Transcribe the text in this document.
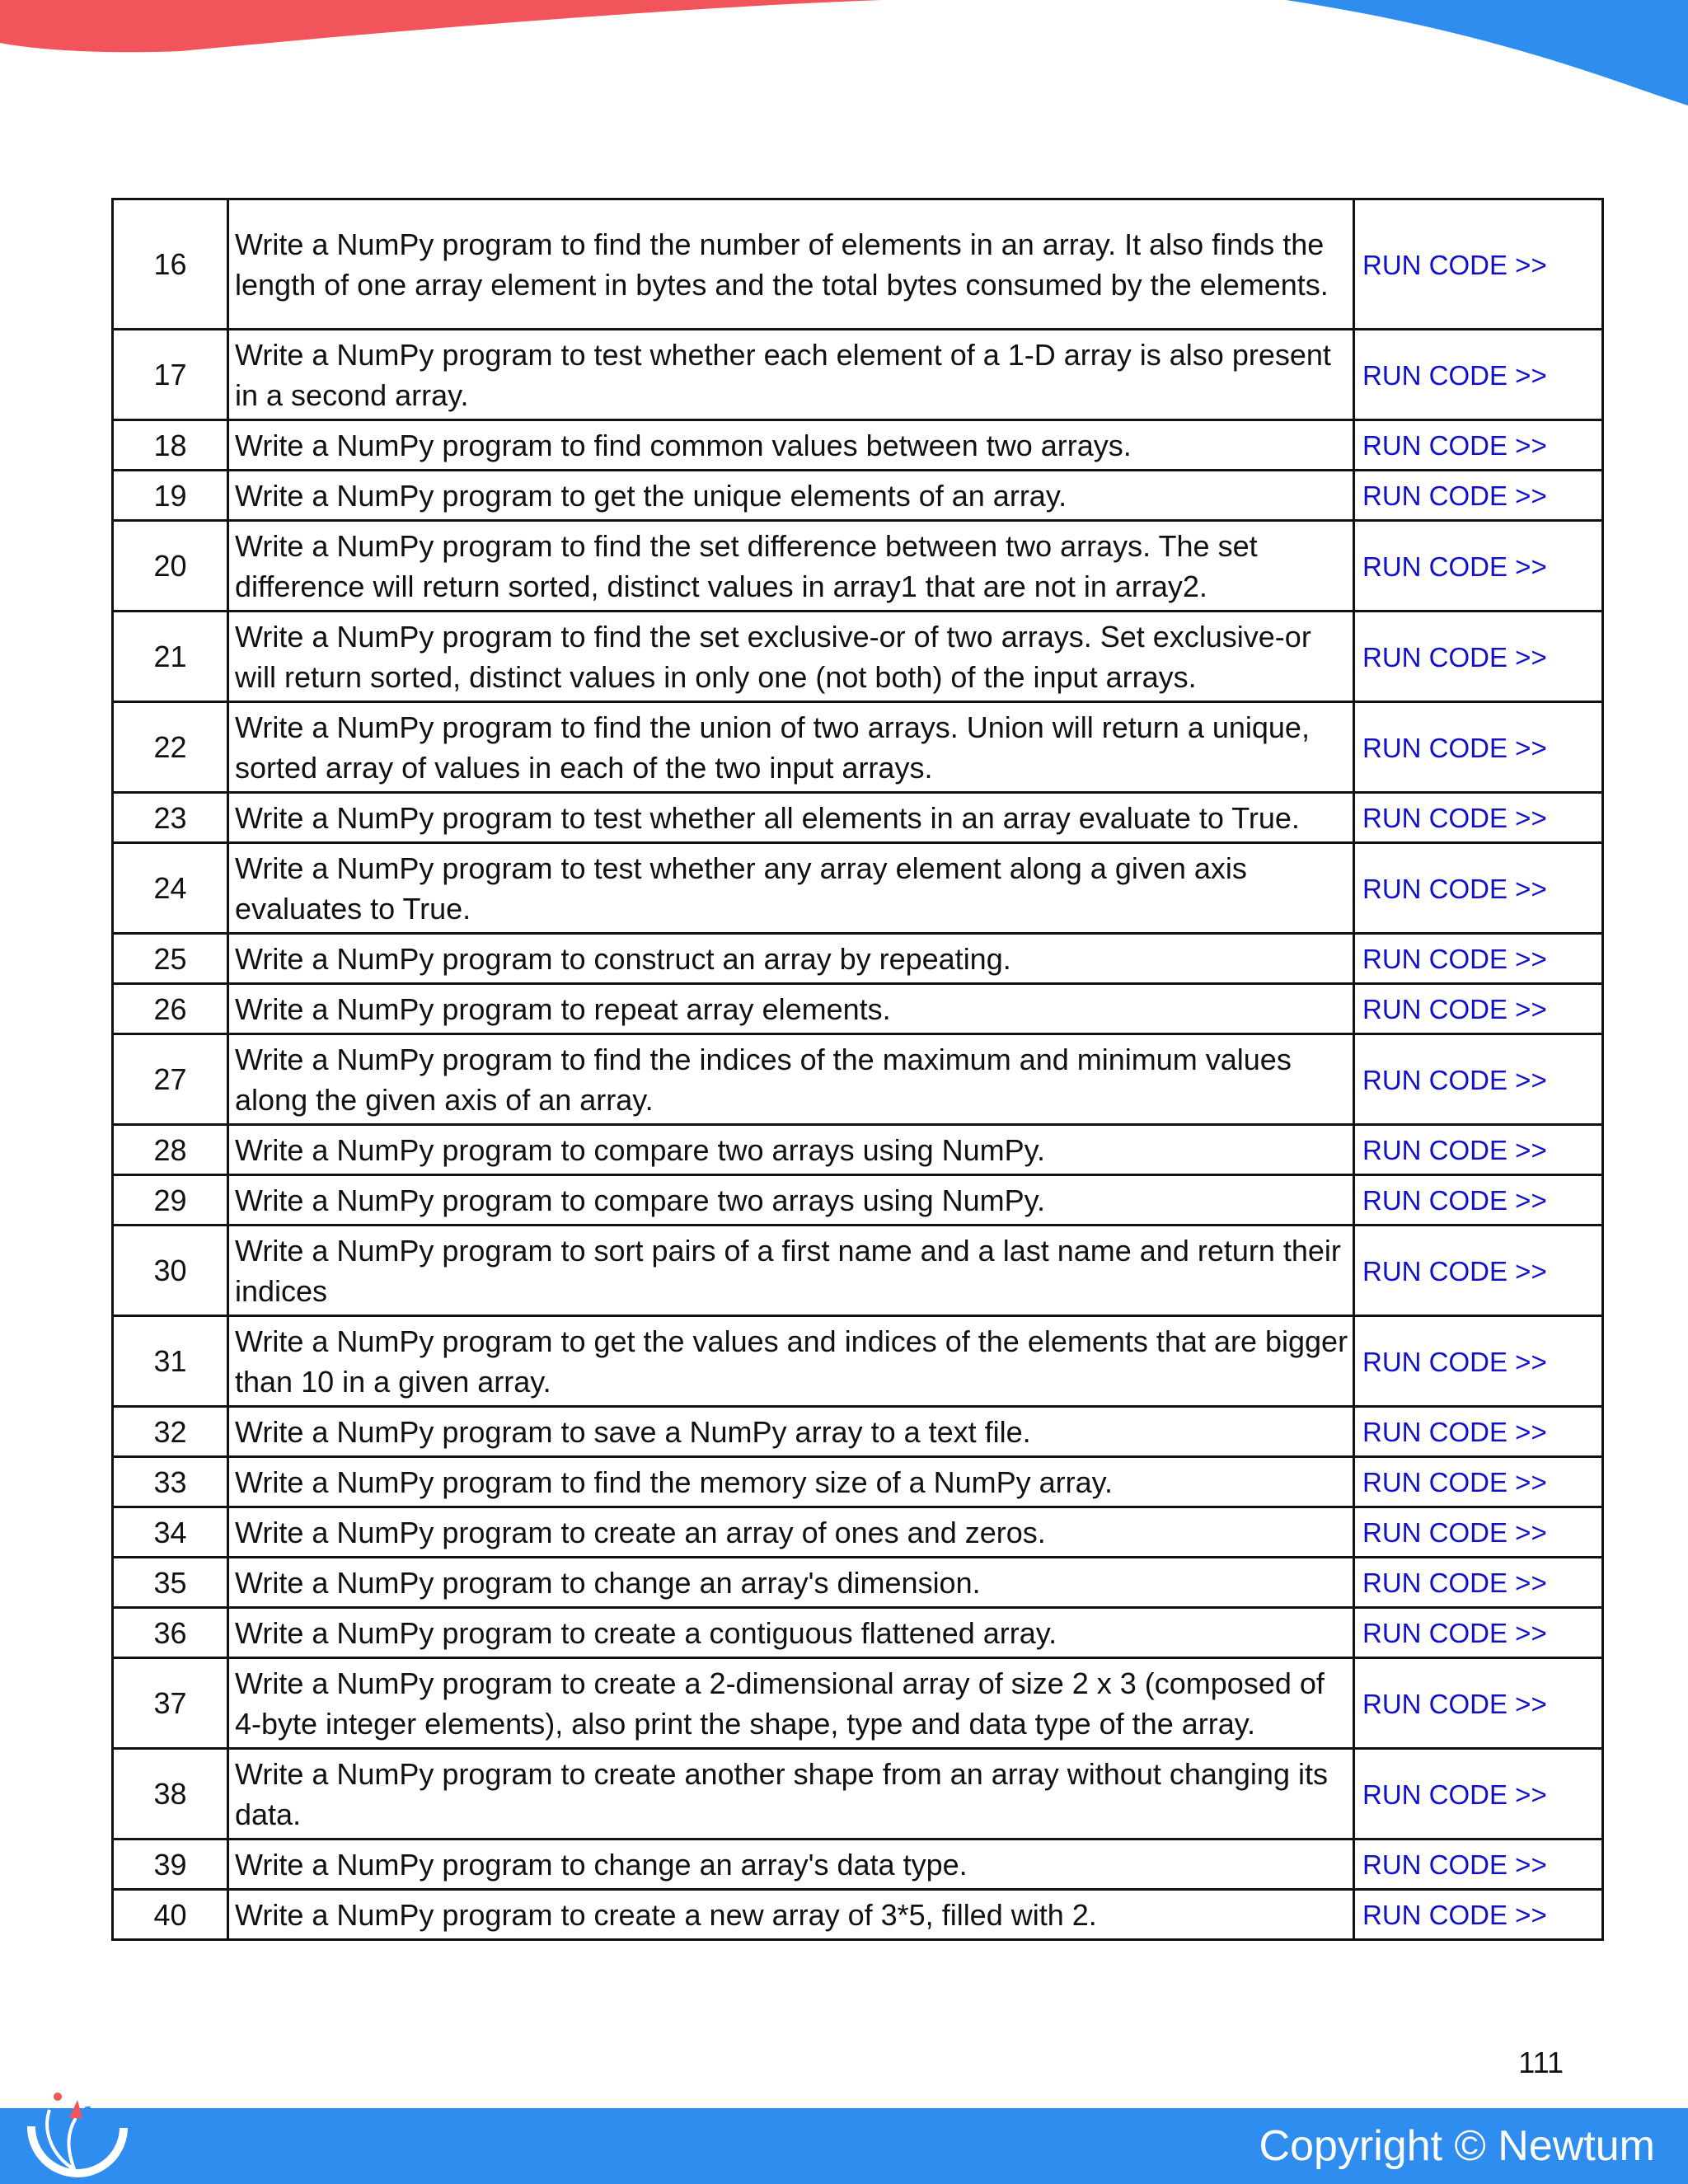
16	Write a NumPy program to find the number of elements in an array. It also finds the length of one array element in bytes and the total bytes consumed by the elements.	RUN CODE >>
17	Write a NumPy program to test whether each element of a 1-D array is also present in a second array.	RUN CODE >>
18	Write a NumPy program to find common values between two arrays.	RUN CODE >>
19	Write a NumPy program to get the unique elements of an array.	RUN CODE >>
20	Write a NumPy program to find the set difference between two arrays. The set difference will return sorted, distinct values in array1 that are not in array2.	RUN CODE >>
21	Write a NumPy program to find the set exclusive-or of two arrays. Set exclusive-or will return sorted, distinct values in only one (not both) of the input arrays.	RUN CODE >>
22	Write a NumPy program to find the union of two arrays. Union will return a unique, sorted array of values in each of the two input arrays.	RUN CODE >>
23	Write a NumPy program to test whether all elements in an array evaluate to True.	RUN CODE >>
24	Write a NumPy program to test whether any array element along a given axis evaluates to True.	RUN CODE >>
25	Write a NumPy program to construct an array by repeating.	RUN CODE >>
26	Write a NumPy program to repeat array elements.	RUN CODE >>
27	Write a NumPy program to find the indices of the maximum and minimum values along the given axis of an array.	RUN CODE >>
28	Write a NumPy program to compare two arrays using NumPy.	RUN CODE >>
29	Write a NumPy program to compare two arrays using NumPy.	RUN CODE >>
30	Write a NumPy program to sort pairs of a first name and a last name and return their indices	RUN CODE >>
31	Write a NumPy program to get the values and indices of the elements that are bigger than 10 in a given array.	RUN CODE >>
32	Write a NumPy program to save a NumPy array to a text file.	RUN CODE >>
33	Write a NumPy program to find the memory size of a NumPy array.	RUN CODE >>
34	Write a NumPy program to create an array of ones and zeros.	RUN CODE >>
35	Write a NumPy program to change an array's dimension.	RUN CODE >>
36	Write a NumPy program to create a contiguous flattened array.	RUN CODE >>
37	Write a NumPy program to create a 2-dimensional array of size 2 x 3 (composed of 4-byte integer elements), also print the shape, type and data type of the array.	RUN CODE >>
38	Write a NumPy program to create another shape from an array without changing its data.	RUN CODE >>
39	Write a NumPy program to change an array's data type.	RUN CODE >>
40	Write a NumPy program to create a new array of 3*5, filled with 2.	RUN CODE >>
111
Copyright © Newtum
